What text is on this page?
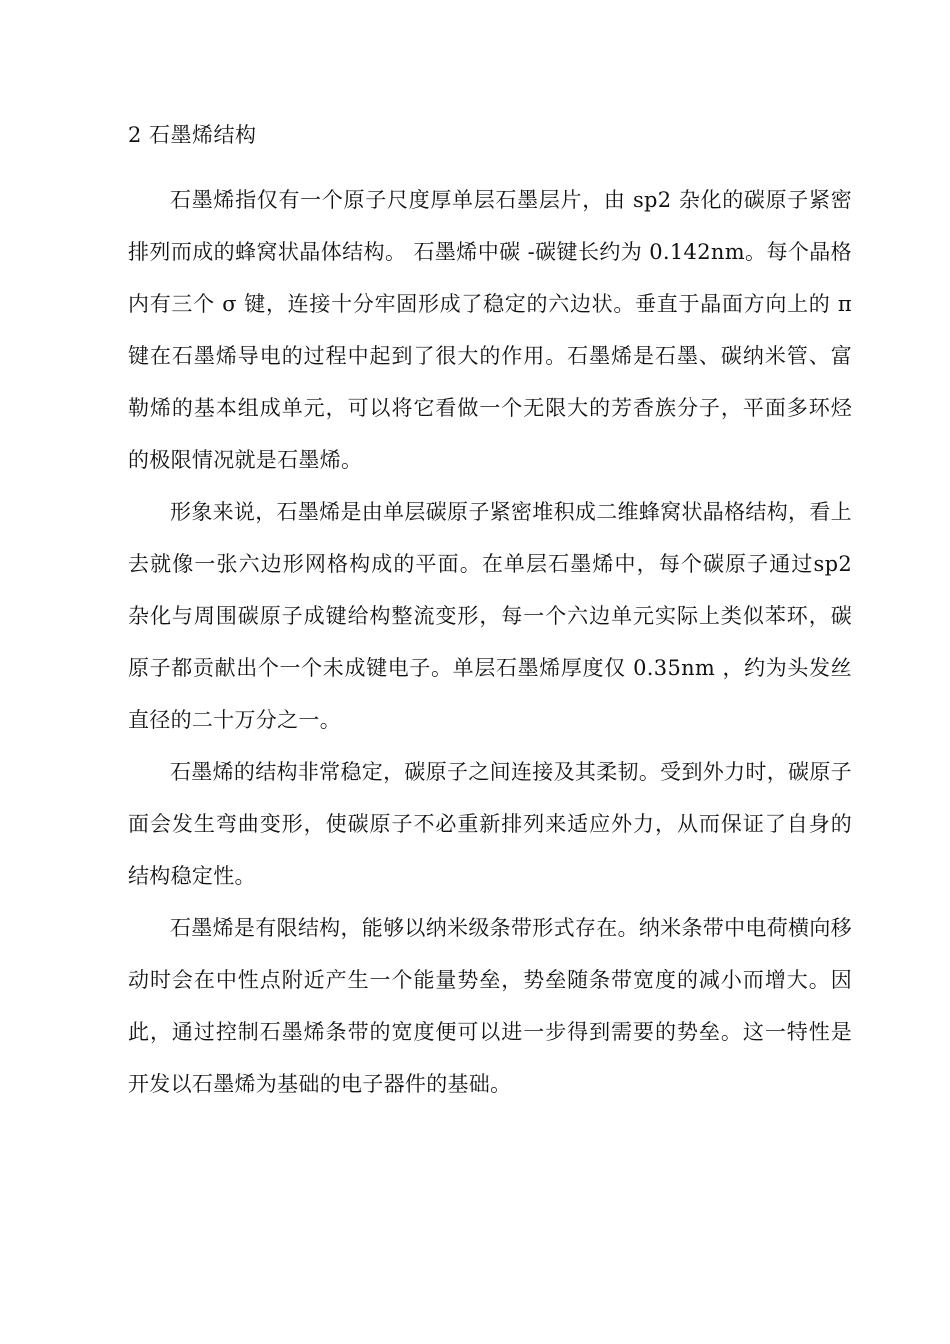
2 石墨烯结构

石墨烯指仅有一个原子尺度厚单层石墨层片，由 sp2 杂化的碳原子紧密排列而成的蜂窝状晶体结构。 石墨烯中碳 -碳键长约为 0.142nm。每个晶格内有三个 σ 键，连接十分牢固形成了稳定的六边状。垂直于晶面方向上的 π 键在石墨烯导电的过程中起到了很大的作用。石墨烯是石墨、碳纳米管、富勒烯的基本组成单元，可以将它看做一个无限大的芳香族分子，平面多环烃的极限情况就是石墨烯。

形象来说，石墨烯是由单层碳原子紧密堆积成二维蜂窝状晶格结构，看上去就像一张六边形网格构成的平面。在单层石墨烯中，每个碳原子通过sp2 杂化与周围碳原子成键给构整流变形，每一个六边单元实际上类似苯环，碳原子都贡献出个一个未成键电子。单层石墨烯厚度仅 0.35nm ，约为头发丝直径的二十万分之一。

石墨烯的结构非常稳定，碳原子之间连接及其柔韧。受到外力时，碳原子面会发生弯曲变形，使碳原子不必重新排列来适应外力，从而保证了自身的结构稳定性。

石墨烯是有限结构，能够以纳米级条带形式存在。纳米条带中电荷横向移动时会在中性点附近产生一个能量势垒，势垒随条带宽度的减小而增大。因此，通过控制石墨烯条带的宽度便可以进一步得到需要的势垒。这一特性是开发以石墨烯为基础的电子器件的基础。
